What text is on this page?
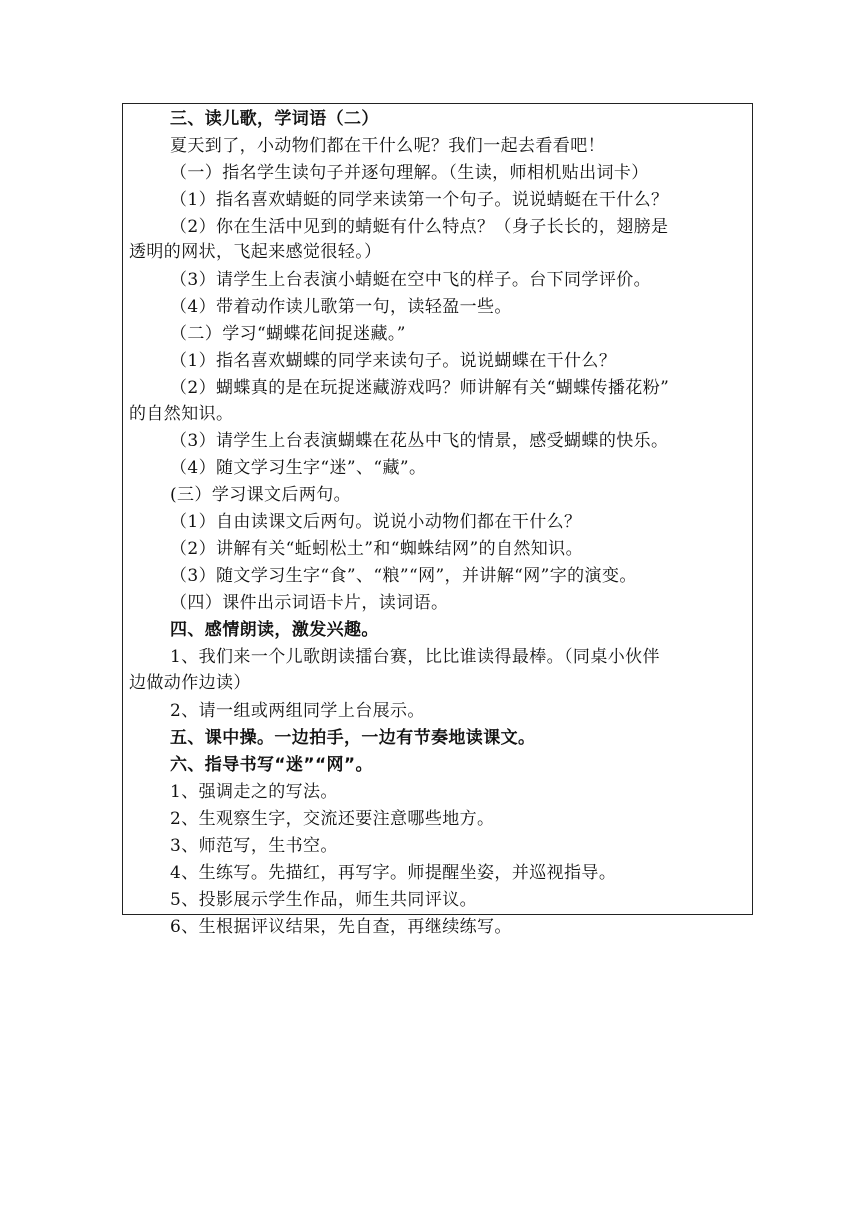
三、读儿歌，学词语（二）
夏天到了，小动物们都在干什么呢？我们一起去看看吧！
（一）指名学生读句子并逐句理解。（生读，师相机贴出词卡）
（1）指名喜欢蜻蜓的同学来读第一个句子。说说蜻蜓在干什么？
（2）你在生活中见到的蜻蜓有什么特点？（身子长长的，翅膀是
透明的网状，飞起来感觉很轻。）
（3）请学生上台表演小蜻蜓在空中飞的样子。台下同学评价。
（4）带着动作读儿歌第一句，读轻盈一些。
（二）学习“蝴蝶花间捉迷藏。”
（1）指名喜欢蝴蝶的同学来读句子。说说蝴蝶在干什么？
（2）蝴蝶真的是在玩捉迷藏游戏吗？师讲解有关“蝴蝶传播花粉”
的自然知识。
（3）请学生上台表演蝴蝶在花丛中飞的情景，感受蝴蝶的快乐。
（4）随文学习生字“迷”、“藏”。
(三）学习课文后两句。
（1）自由读课文后两句。说说小动物们都在干什么？
（2）讲解有关“蚯蚓松土”和“蜘蛛结网”的自然知识。
（3）随文学习生字“食”、“粮”“网”，并讲解“网”字的演变。
（四）课件出示词语卡片，读词语。
四、感情朗读，激发兴趣。
1、我们来一个儿歌朗读擂台赛，比比谁读得最棒。（同桌小伙伴
边做动作边读）
2、请一组或两组同学上台展示。
五、课中操。一边拍手，一边有节奏地读课文。
六、指导书写“迷”“网”。
1、强调走之的写法。
2、生观察生字，交流还要注意哪些地方。
3、师范写，生书空。
4、生练写。先描红，再写字。师提醒坐姿，并巡视指导。
5、投影展示学生作品，师生共同评议。
6、生根据评议结果，先自查，再继续练写。
